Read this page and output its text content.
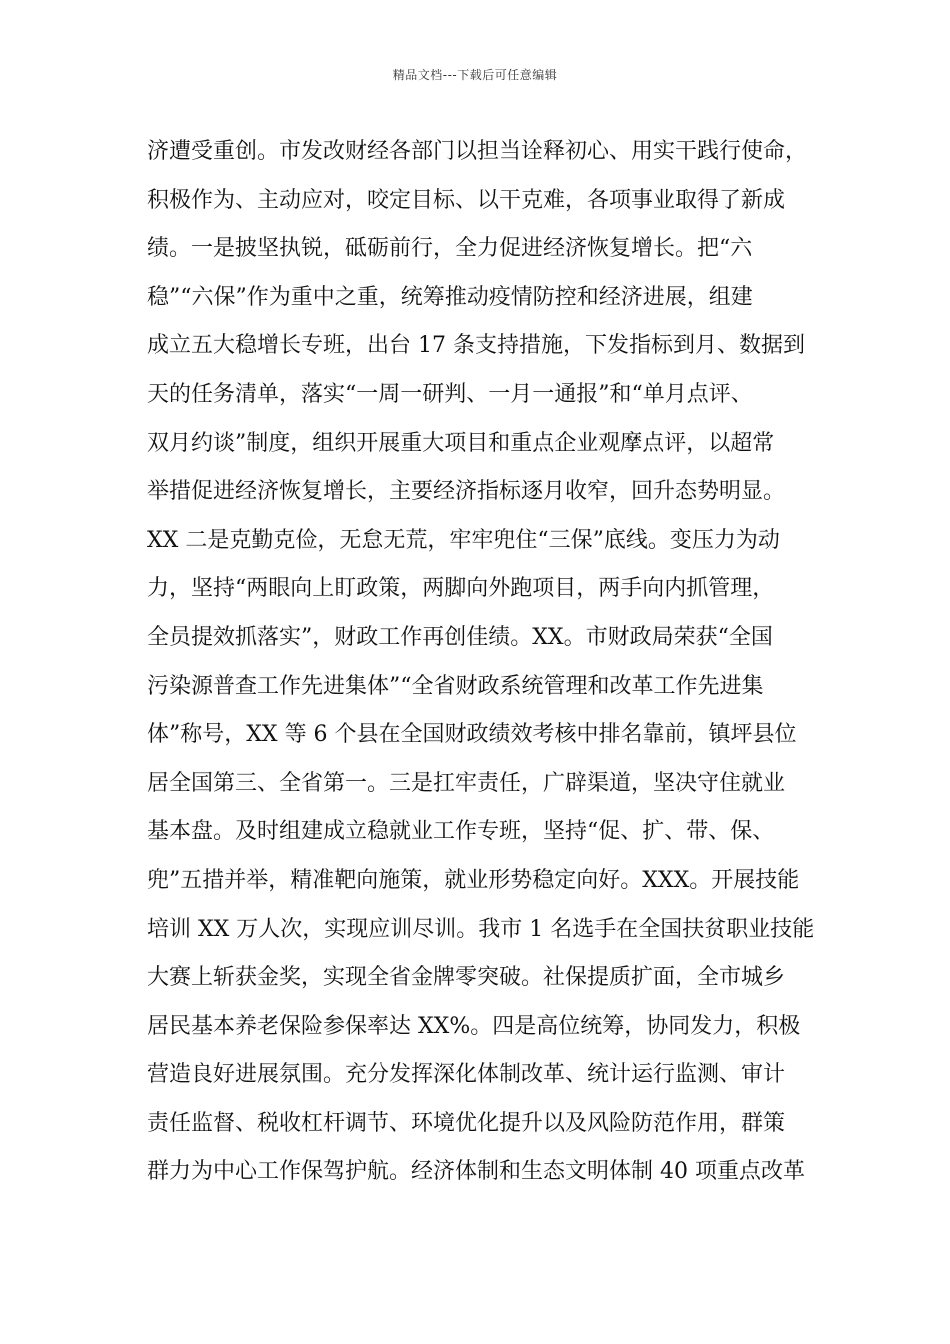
精品文档---下载后可任意编辑
济遭受重创。市发改财经各部门以担当诠释初心、用实干践行使命，
积极作为、主动应对，咬定目标、以干克难，各项事业取得了新成
绩。一是披坚执锐，砥砺前行，全力促进经济恢复增长。把“六
稳”“六保”作为重中之重，统筹推动疫情防控和经济进展，组建
成立五大稳增长专班，出台 17 条支持措施，下发指标到月、数据到
天的任务清单，落实“一周一研判、一月一通报”和“单月点评、
双月约谈”制度，组织开展重大项目和重点企业观摩点评，以超常
举措促进经济恢复增长，主要经济指标逐月收窄，回升态势明显。
XX 二是克勤克俭，无怠无荒，牢牢兜住“三保”底线。变压力为动
力，坚持“两眼向上盯政策，两脚向外跑项目，两手向内抓管理，
全员提效抓落实”，财政工作再创佳绩。XX。市财政局荣获“全国
污染源普查工作先进集体”“全省财政系统管理和改革工作先进集
体”称号，XX 等 6 个县在全国财政绩效考核中排名靠前，镇坪县位
居全国第三、全省第一。三是扛牢责任，广辟渠道，坚决守住就业
基本盘。及时组建成立稳就业工作专班，坚持“促、扩、带、保、
兜”五措并举，精准靶向施策，就业形势稳定向好。XXX。开展技能
培训 XX 万人次，实现应训尽训。我市 1 名选手在全国扶贫职业技能
大赛上斩获金奖，实现全省金牌零突破。社保提质扩面，全市城乡
居民基本养老保险参保率达 XX%。四是高位统筹，协同发力，积极
营造良好进展氛围。充分发挥深化体制改革、统计运行监测、审计
责任监督、税收杠杆调节、环境优化提升以及风险防范作用，群策
群力为中心工作保驾护航。经济体制和生态文明体制 40 项重点改革
